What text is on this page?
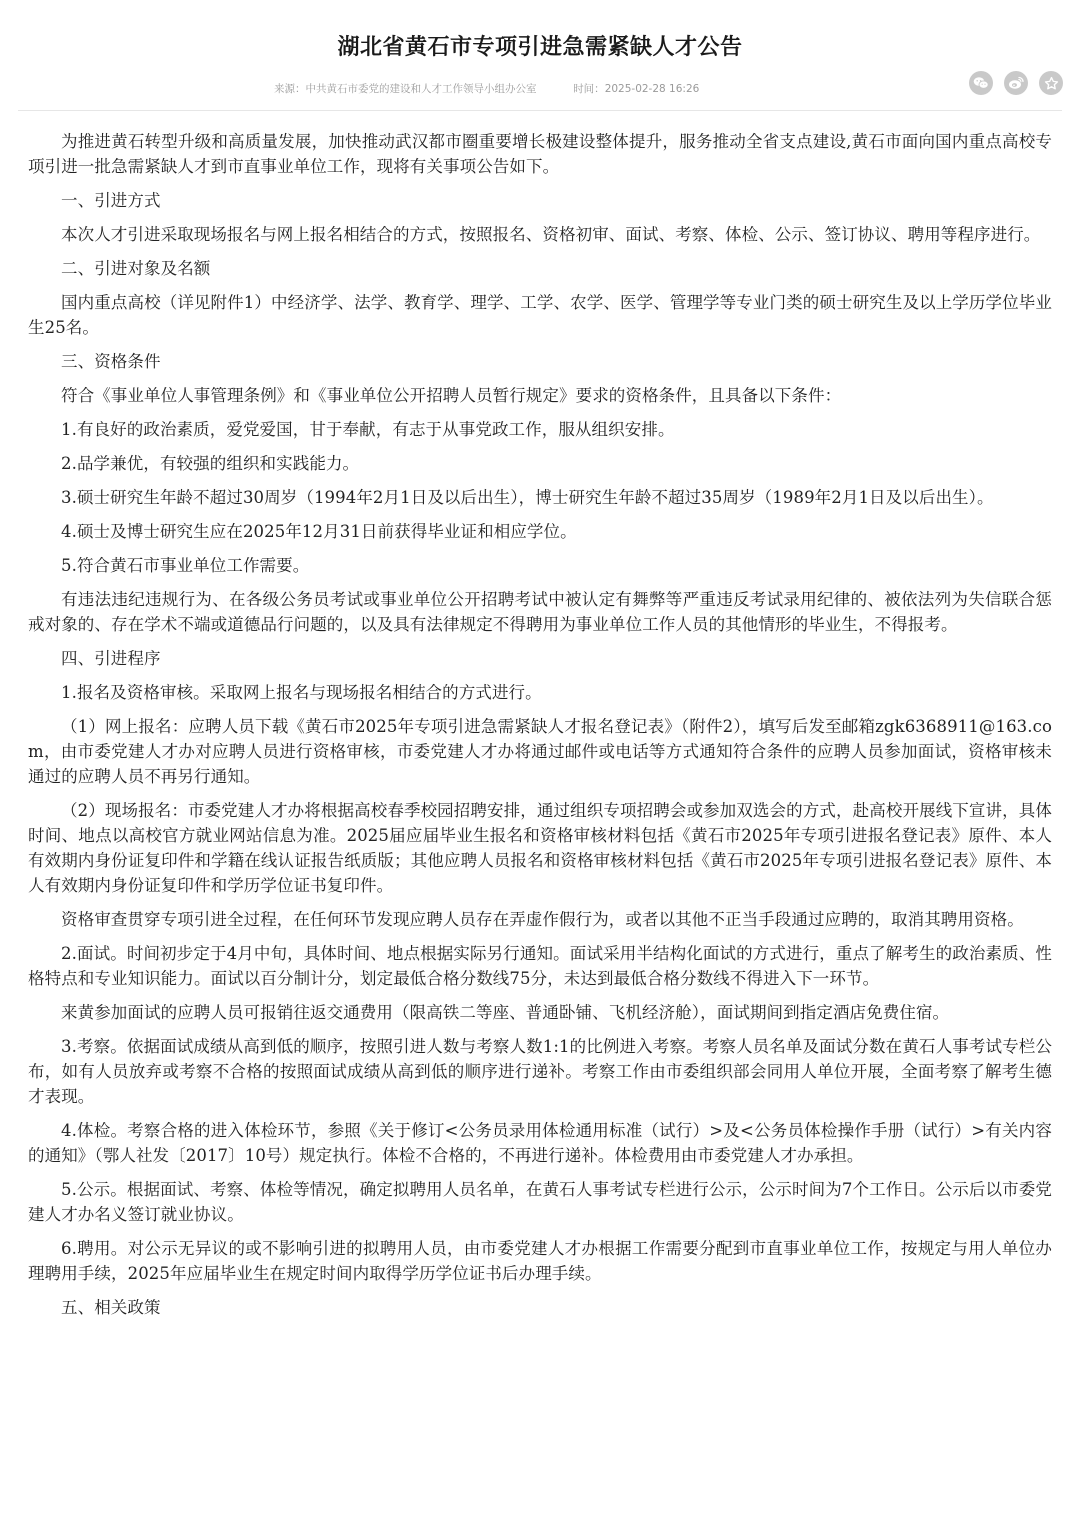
湖北省黄石市专项引进急需紧缺人才公告
来源：中共黄石市委党的建设和人才工作领导小组办公室	时间：2025-02-28 16:26

为推进黄石转型升级和高质量发展，加快推动武汉都市圈重要增长极建设整体提升，服务推动全省支点建设,黄石市面向国内重点高校专项引进一批急需紧缺人才到市直事业单位工作，现将有关事项公告如下。

一、引进方式

本次人才引进采取现场报名与网上报名相结合的方式，按照报名、资格初审、面试、考察、体检、公示、签订协议、聘用等程序进行。

二、引进对象及名额

国内重点高校（详见附件1）中经济学、法学、教育学、理学、工学、农学、医学、管理学等专业门类的硕士研究生及以上学历学位毕业生25名。

三、资格条件

符合《事业单位人事管理条例》和《事业单位公开招聘人员暂行规定》要求的资格条件，且具备以下条件：

1.有良好的政治素质，爱党爱国，甘于奉献，有志于从事党政工作，服从组织安排。

2.品学兼优，有较强的组织和实践能力。

3.硕士研究生年龄不超过30周岁（1994年2月1日及以后出生），博士研究生年龄不超过35周岁（1989年2月1日及以后出生）。

4.硕士及博士研究生应在2025年12月31日前获得毕业证和相应学位。

5.符合黄石市事业单位工作需要。

有违法违纪违规行为、在各级公务员考试或事业单位公开招聘考试中被认定有舞弊等严重违反考试录用纪律的、被依法列为失信联合惩戒对象的、存在学术不端或道德品行问题的，以及具有法律规定不得聘用为事业单位工作人员的其他情形的毕业生，不得报考。

四、引进程序

1.报名及资格审核。采取网上报名与现场报名相结合的方式进行。

（1）网上报名：应聘人员下载《黄石市2025年专项引进急需紧缺人才报名登记表》（附件2），填写后发至邮箱zgk6368911@163.com，由市委党建人才办对应聘人员进行资格审核，市委党建人才办将通过邮件或电话等方式通知符合条件的应聘人员参加面试，资格审核未通过的应聘人员不再另行通知。

（2）现场报名：市委党建人才办将根据高校春季校园招聘安排，通过组织专项招聘会或参加双选会的方式，赴高校开展线下宣讲，具体时间、地点以高校官方就业网站信息为准。2025届应届毕业生报名和资格审核材料包括《黄石市2025年专项引进报名登记表》原件、本人有效期内身份证复印件和学籍在线认证报告纸质版；其他应聘人员报名和资格审核材料包括《黄石市2025年专项引进报名登记表》原件、本人有效期内身份证复印件和学历学位证书复印件。

资格审查贯穿专项引进全过程，在任何环节发现应聘人员存在弄虚作假行为，或者以其他不正当手段通过应聘的，取消其聘用资格。

2.面试。时间初步定于4月中旬，具体时间、地点根据实际另行通知。面试采用半结构化面试的方式进行，重点了解考生的政治素质、性格特点和专业知识能力。面试以百分制计分，划定最低合格分数线75分，未达到最低合格分数线不得进入下一环节。

来黄参加面试的应聘人员可报销往返交通费用（限高铁二等座、普通卧铺、飞机经济舱），面试期间到指定酒店免费住宿。

3.考察。依据面试成绩从高到低的顺序，按照引进人数与考察人数1:1的比例进入考察。考察人员名单及面试分数在黄石人事考试专栏公布，如有人员放弃或考察不合格的按照面试成绩从高到低的顺序进行递补。考察工作由市委组织部会同用人单位开展，全面考察了解考生德才表现。

4.体检。考察合格的进入体检环节，参照《关于修订<公务员录用体检通用标准（试行）>及<公务员体检操作手册（试行）>有关内容的通知》（鄂人社发〔2017〕10号）规定执行。体检不合格的，不再进行递补。体检费用由市委党建人才办承担。

5.公示。根据面试、考察、体检等情况，确定拟聘用人员名单，在黄石人事考试专栏进行公示，公示时间为7个工作日。公示后以市委党建人才办名义签订就业协议。

6.聘用。对公示无异议的或不影响引进的拟聘用人员，由市委党建人才办根据工作需要分配到市直事业单位工作，按规定与用人单位办理聘用手续，2025年应届毕业生在规定时间内取得学历学位证书后办理手续。

五、相关政策
